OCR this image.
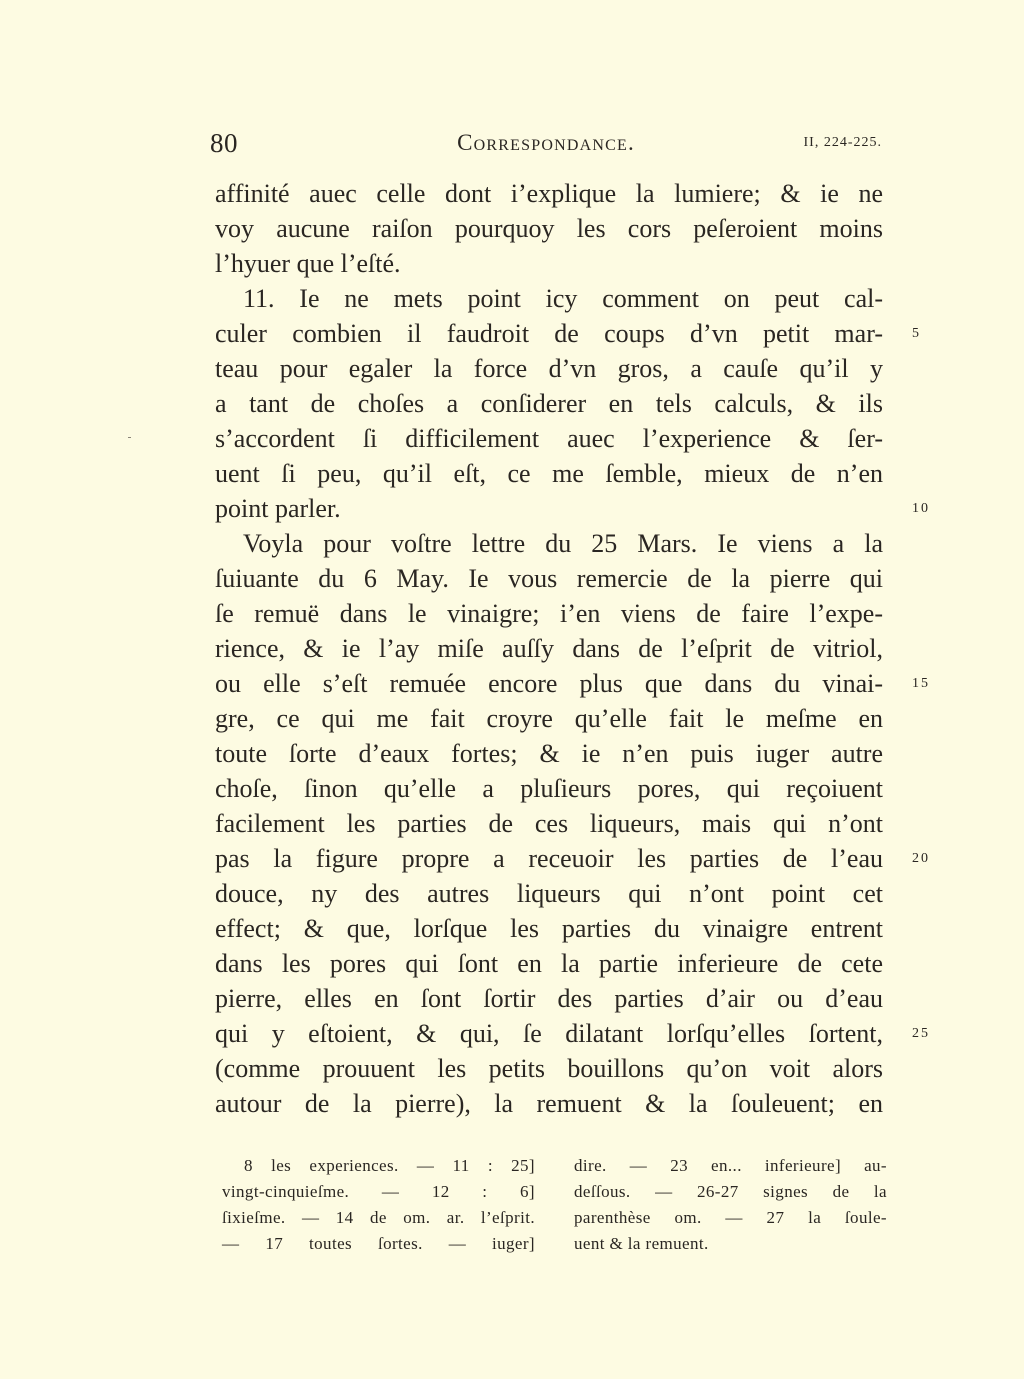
80	Correspondance.	II, 224-225.
affinité auec celle dont i’explique la lumiere; & ie ne
voy aucune raiſon pourquoy les cors peſeroient moins
l’hyuer que l’eſté.
11. Ie ne mets point icy comment on peut cal-
culer combien il faudroit de coups d’vn petit mar- 5
teau pour egaler la force d’vn gros, a cauſe qu’il y
a tant de choſes a conſiderer en tels calculs, & ils
s’accordent ſi difficilement auec l’experience & ſer-
uent ſi peu, qu’il eſt, ce me ſemble, mieux de n’en
point parler.	10
Voyla pour voſtre lettre du 25 Mars. Ie viens a la
ſuiuante du 6 May. Ie vous remercie de la pierre qui
ſe remuë dans le vinaigre; i’en viens de faire l’expe-
rience, & ie l’ay miſe auſſy dans de l’eſprit de vitriol,
ou elle s’eſt remuée encore plus que dans du vinai- 15
gre, ce qui me fait croyre qu’elle fait le meſme en
toute ſorte d’eaux fortes; & ie n’en puis iuger autre
choſe, ſinon qu’elle a pluſieurs pores, qui reçoiuent
facilement les parties de ces liqueurs, mais qui n’ont
pas la figure propre a receuoir les parties de l’eau 20
douce, ny des autres liqueurs qui n’ont point cet
effect; & que, lorſque les parties du vinaigre entrent
dans les pores qui ſont en la partie inferieure de cete
pierre, elles en ſont ſortir des parties d’air ou d’eau
qui y eſtoient, & qui, ſe dilatant lorſqu’elles ſortent, 25
(comme prouuent les petits bouillons qu’on voit alors
autour de la pierre), la remuent & la ſouleuent; en
8 les experiences. — 11 : 25]
vingt-cinquieſme. — 12 : 6]
ſixieſme. — 14 de om. ar. l’eſprit.
— 17 toutes ſortes. — iuger]
dire. — 23 en... inferieure] au-
deſſous. — 26-27 signes de la
parenthèse om. — 27 la ſoule-
uent & la remuent.
